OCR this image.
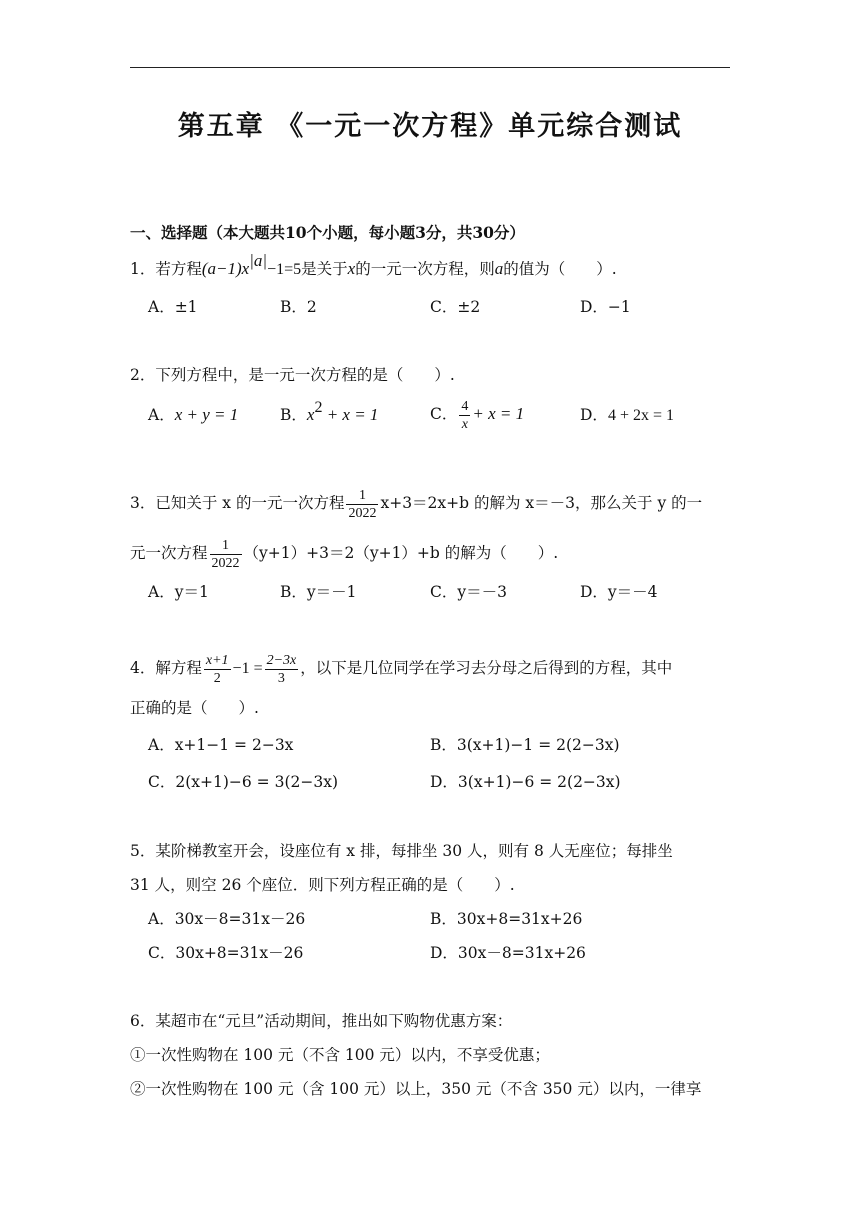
第五章 《一元一次方程》单元综合测试
一、选择题（本大题共10个小题，每小题3分，共30分）
1．若方程$(a-1)x^{|a|}-1=5$是关于x的一元一次方程，则a的值为（　　）.
A．±1	B．2	C．±2	D．−1
2．下列方程中，是一元一次方程的是（　　）.
A．x + y = 1	B．$x^2 + x = 1$	C． $\frac{4}{x} + x = 1$	D．4 + 2x = 1
3．已知关于 x 的一元一次方程 $\frac{1}{2022} x+3=2x+b$ 的解为 x＝－3，那么关于 y 的一
元一次方程 $\frac{1}{2022} (y+1)+3=2(y+1)+b$ 的解为（　　）.
A．y＝1	B．y＝－1	C．y＝－3	D．y＝－4
4．解方程 $\frac{x+1}{2} -1 = \frac{2-3x}{3}$ ，以下是几位同学在学习去分母之后得到的方程，其中
正确的是（　　）.
A．x+1−1 = 2−3x	B．3(x+1)−1 = 2(2−3x)
C．2(x+1)−6 = 3(2−3x)	D．3(x+1)−6 = 2(2−3x)
5．某阶梯教室开会，设座位有 x 排，每排坐 30 人，则有 8 人无座位；每排坐
31 人，则空 26 个座位．则下列方程正确的是（　　）.
A．30x－8=31x－26	B．30x+8=31x+26
C．30x+8=31x－26	D．30x－8=31x+26
6．某超市在“元旦”活动期间，推出如下购物优惠方案：
①一次性购物在 100 元（不含 100 元）以内，不享受优惠；
②一次性购物在 100 元（含 100 元）以上，350 元（不含 350 元）以内，一律享
